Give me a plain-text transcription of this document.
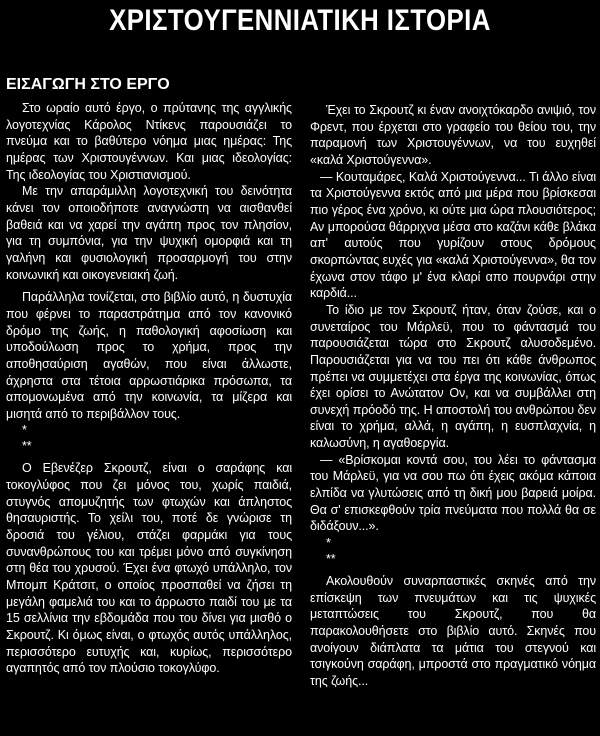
ΧΡΙΣΤΟΥΓΕΝΝΙΑΤΙΚΗ ΙΣΤΟΡΙΑ
ΕΙΣΑΓΩΓΗ ΣΤΟ ΕΡΓΟ

Στο ωραίο αυτό έργο, ο πρύτανης της αγγλικής λογοτεχνίας Κάρολος Ντίκενς παρουσιάζει το πνεύμα και το βαθύτερο νόημα μιας ημέρας: Της ημέρας των Χριστουγέννων. Και μιας ιδεολογίας: Της ιδεολογίας του Χριστιανισμού.

Με την απαράμιλλη λογοτεχνική του δεινότητα κάνει τον οποιοδήποτε αναγνώστη να αισθανθεί βαθειά και να χαρεί την αγάπη προς τον πλησίον, για τη συμπόνια, για την ψυχική ομορφιά και τη γαλήνη και φυσιολογική προσαρμογή του στην κοινωνική και οικογενειακή ζωή.

Παράλληλα τονίζεται, στο βιβλίο αυτό, η δυστυχία που φέρνει το παραστράτημα από τον κανονικό δρόμο της ζωής, η παθολογική αφοσίωση και υποδούλωση προς το χρήμα, προς την αποθησαύριση αγαθών, που είναι άλλωστε, άχρηστα στα τέτοια αρρωστιάρικα πρόσωπα, τα απομονωμένα από την κοινωνία, τα μίζερα και μισητά από το περιβάλλον τους.

*

**

Ο Εβενέζερ Σκρουτζ, είναι ο σαράφης και τοκογλύφος που ζει μόνος του, χωρίς παιδιά, στυγνός απομυζητής των φτωχών και άπληστος θησαυριστής. Το χείλι του, ποτέ δε γνώρισε τη δροσιά του γέλιου, στάζει φαρμάκι για τους συνανθρώπους του και τρέμει μόνο από συγκίνηση στη θέα του χρυσού. Έχει ένα φτωχό υπάλληλο, τον Μπομπ Κράτσιτ, ο οποίος προσπαθεί να ζήσει τη μεγάλη φαμελιά του και το άρρωστο παιδί του με τα 15 σελλίνια την εβδομάδα που του δίνει για μισθό ο Σκρουτζ. Κι όμως είναι, ο φτωχός αυτός υπάλληλος, περισσότερο ευτυχής και, κυρίως, περισσότερο αγαπητός από τον πλούσιο τοκογλύφο.

Έχει το Σκρουτζ κι έναν ανοιχτόκαρδο ανιψιό, τον Φρεντ, που έρχεται στο γραφείο του θείου του, την παραμονή των Χριστουγέννων, να του ευχηθεί «καλά Χριστούγεννα».

— Κουταμάρες, Καλά Χριστούγεννα... Τι άλλο είναι τα Χριστούγεννα εκτός από μια μέρα που βρίσκεσαι πιο γέρος ένα χρόνο, κι ούτε μια ώρα πλουσιότερος; Αν μπορούσα θάρριχνα μέσα στο καζάνι κάθε βλάκα απ' αυτούς που γυρίζουν στους δρόμους σκορπώντας ευχές για «καλά Χριστούγεννα», θα τον έχωνα στον τάφο μ' ένα κλαρί απο πουρνάρι στην καρδιά...

Το ίδιο με τον Σκρουτζ ήταν, όταν ζούσε, και ο συνεταίρος του Μάρλεϋ, που το φάντασμά του παρουσιάζεται τώρα στο Σκρουτζ αλυσοδεμένο. Παρουσιάζεται για να του πει ότι κάθε άνθρωπος πρέπει να συμμετέχει στα έργα της κοινωνίας, όπως έχει ορίσει το Ανώτατον Ον, και να συμβάλλει στη συνεχή πρόοδό της. Η αποστολή του ανθρώπου δεν είναι το χρήμα, αλλά, η αγάπη, η ευσπλαχνία, η καλωσύνη, η αγαθοεργία.

— «Βρίσκομαι κοντά σου, του λέει το φάντασμα του Μάρλεϋ, για να σου πω ότι έχεις ακόμα κάποια ελπίδα να γλυτώσεις από τη δική μου βαρειά μοίρα. Θα σ' επισκεφθούν τρία πνεύματα που πολλά θα σε διδάξουν...».

*

**

Ακολουθούν συναρπαστικές σκηνές από την επίσκεψη των πνευμάτων και τις ψυχικές μεταπτώσεις του Σκρουτζ, που θα παρακολουθήσετε στο βιβλίο αυτό. Σκηνές που ανοίγουν διάπλατα τα μάτια του στεγνού και τσιγκούνη σαράφη, μπροστά στο πραγματικό νόημα της ζωής...
